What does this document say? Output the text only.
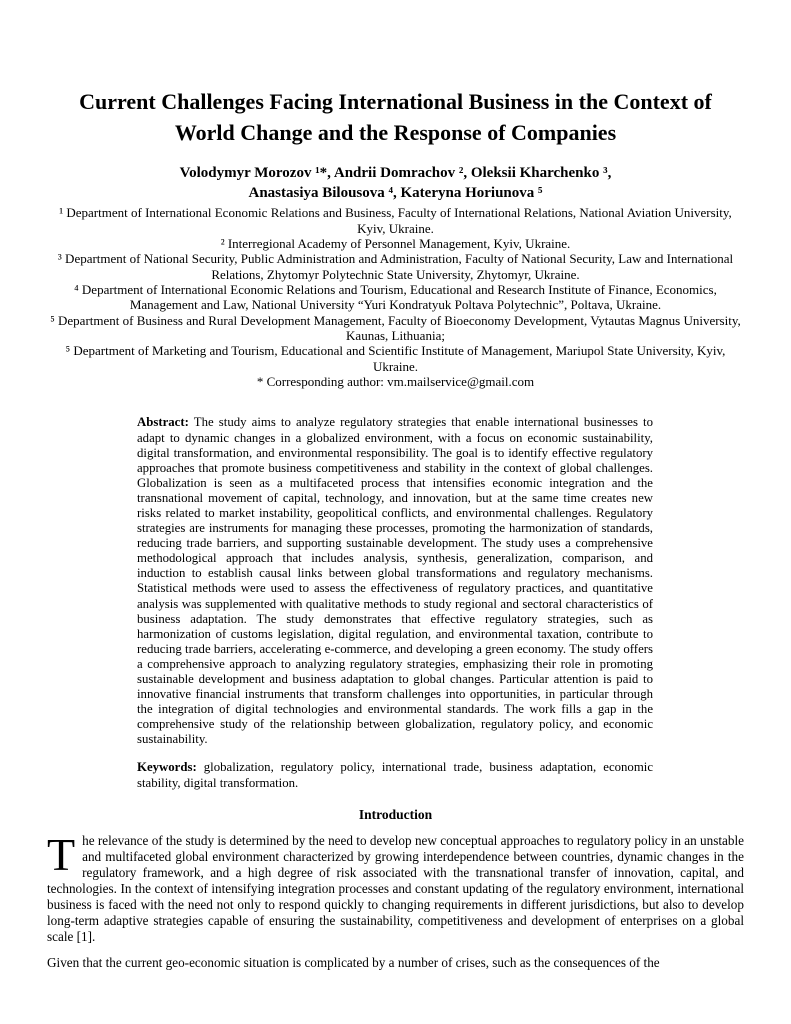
Current Challenges Facing International Business in the Context of World Change and the Response of Companies
Volodymyr Morozov ¹*, Andrii Domrachov ², Oleksii Kharchenko ³,
Anastasiya Bilousova ⁴, Kateryna Horiunova ⁵
¹ Department of International Economic Relations and Business, Faculty of International Relations, National Aviation University, Kyiv, Ukraine.
² Interregional Academy of Personnel Management, Kyiv, Ukraine.
³ Department of National Security, Public Administration and Administration, Faculty of National Security, Law and International Relations, Zhytomyr Polytechnic State University, Zhytomyr, Ukraine.
⁴ Department of International Economic Relations and Tourism, Educational and Research Institute of Finance, Economics, Management and Law, National University “Yuri Kondratyuk Poltava Polytechnic”, Poltava, Ukraine.
⁵ Department of Business and Rural Development Management, Faculty of Bioeconomy Development, Vytautas Magnus University, Kaunas, Lithuania;
⁵ Department of Marketing and Tourism, Educational and Scientific Institute of Management, Mariupol State University, Kyiv, Ukraine.
* Corresponding author: vm.mailservice@gmail.com
Abstract: The study aims to analyze regulatory strategies that enable international businesses to adapt to dynamic changes in a globalized environment, with a focus on economic sustainability, digital transformation, and environmental responsibility. The goal is to identify effective regulatory approaches that promote business competitiveness and stability in the context of global challenges. Globalization is seen as a multifaceted process that intensifies economic integration and the transnational movement of capital, technology, and innovation, but at the same time creates new risks related to market instability, geopolitical conflicts, and environmental challenges. Regulatory strategies are instruments for managing these processes, promoting the harmonization of standards, reducing trade barriers, and supporting sustainable development. The study uses a comprehensive methodological approach that includes analysis, synthesis, generalization, comparison, and induction to establish causal links between global transformations and regulatory mechanisms. Statistical methods were used to assess the effectiveness of regulatory practices, and quantitative analysis was supplemented with qualitative methods to study regional and sectoral characteristics of business adaptation. The study demonstrates that effective regulatory strategies, such as harmonization of customs legislation, digital regulation, and environmental taxation, contribute to reducing trade barriers, accelerating e-commerce, and developing a green economy. The study offers a comprehensive approach to analyzing regulatory strategies, emphasizing their role in promoting sustainable development and business adaptation to global changes. Particular attention is paid to innovative financial instruments that transform challenges into opportunities, in particular through the integration of digital technologies and environmental standards. The work fills a gap in the comprehensive study of the relationship between globalization, regulatory policy, and economic sustainability.
Keywords: globalization, regulatory policy, international trade, business adaptation, economic stability, digital transformation.
Introduction

The relevance of the study is determined by the need to develop new conceptual approaches to regulatory policy in an unstable and multifaceted global environment characterized by growing interdependence between countries, dynamic changes in the regulatory framework, and a high degree of risk associated with the transnational transfer of innovation, capital, and technologies. In the context of intensifying integration processes and constant updating of the regulatory environment, international business is faced with the need not only to respond quickly to changing requirements in different jurisdictions, but also to develop long-term adaptive strategies capable of ensuring the sustainability, competitiveness and development of enterprises on a global scale [1].

Given that the current geo-economic situation is complicated by a number of crises, such as the consequences of the
